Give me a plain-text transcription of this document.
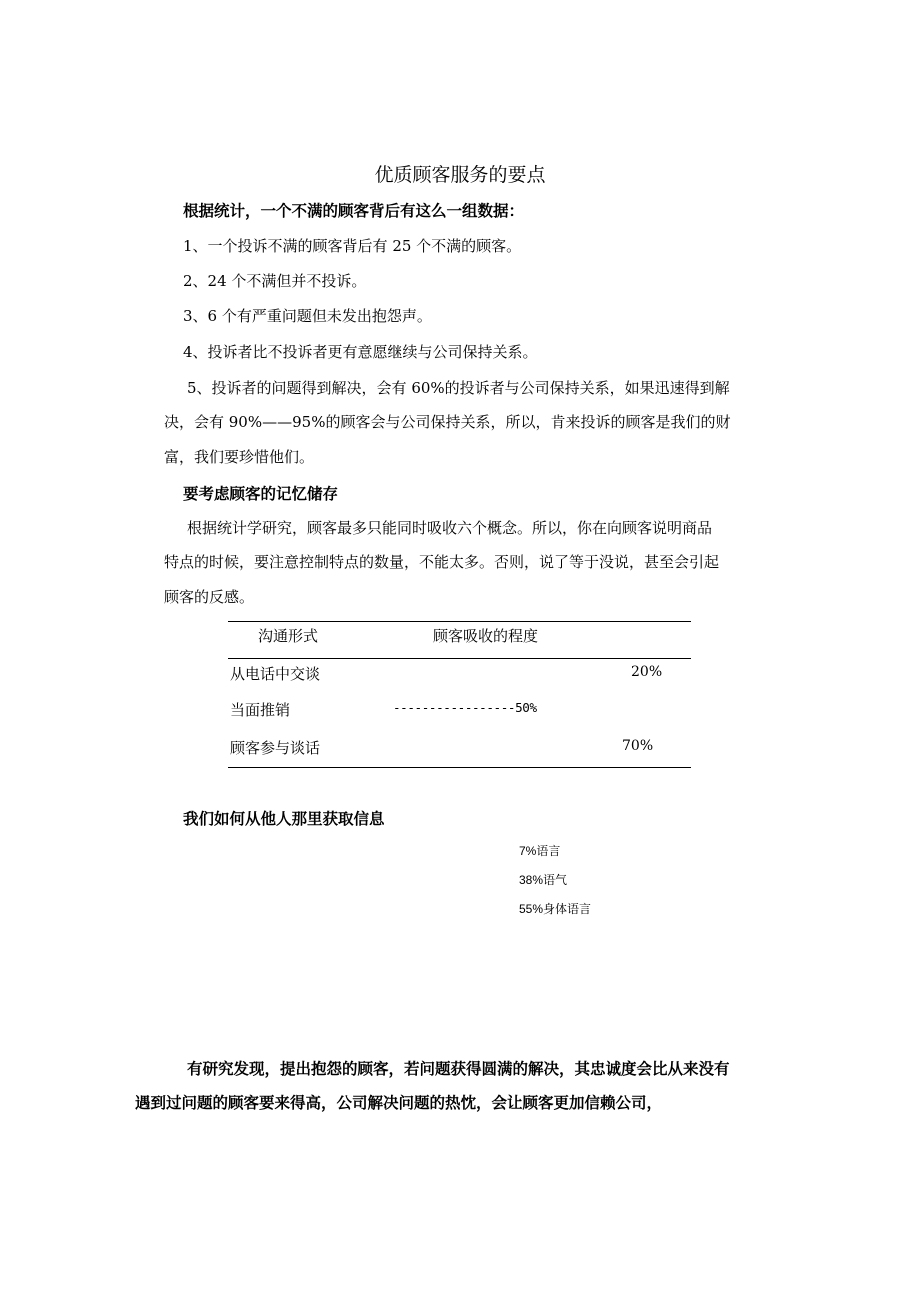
优质顾客服务的要点
根据统计，一个不满的顾客背后有这么一组数据：
1、一个投诉不满的顾客背后有 25 个不满的顾客。
2、24 个不满但并不投诉。
3、6 个有严重问题但未发出抱怨声。
4、投诉者比不投诉者更有意愿继续与公司保持关系。
5、投诉者的问题得到解决，会有 60%的投诉者与公司保持关系，如果迅速得到解
决，会有 90%——95%的顾客会与公司保持关系，所以，肯来投诉的顾客是我们的财
富，我们要珍惜他们。
要考虑顾客的记忆储存
根据统计学研究，顾客最多只能同时吸收六个概念。所以，你在向顾客说明商品
特点的时候，要注意控制特点的数量，不能太多。否则，说了等于没说，甚至会引起
顾客的反感。
沟通形式	顾客吸收的程度
从电话中交谈	20%
当面推销	-----------------50%
顾客参与谈话	70%
我们如何从他人那里获取信息
7%语言
38%语气
55%身体语言
有研究发现，提出抱怨的顾客，若问题获得圆满的解决，其忠诚度会比从来没有
遇到过问题的顾客要来得高，公司解决问题的热忱，会让顾客更加信赖公司，
